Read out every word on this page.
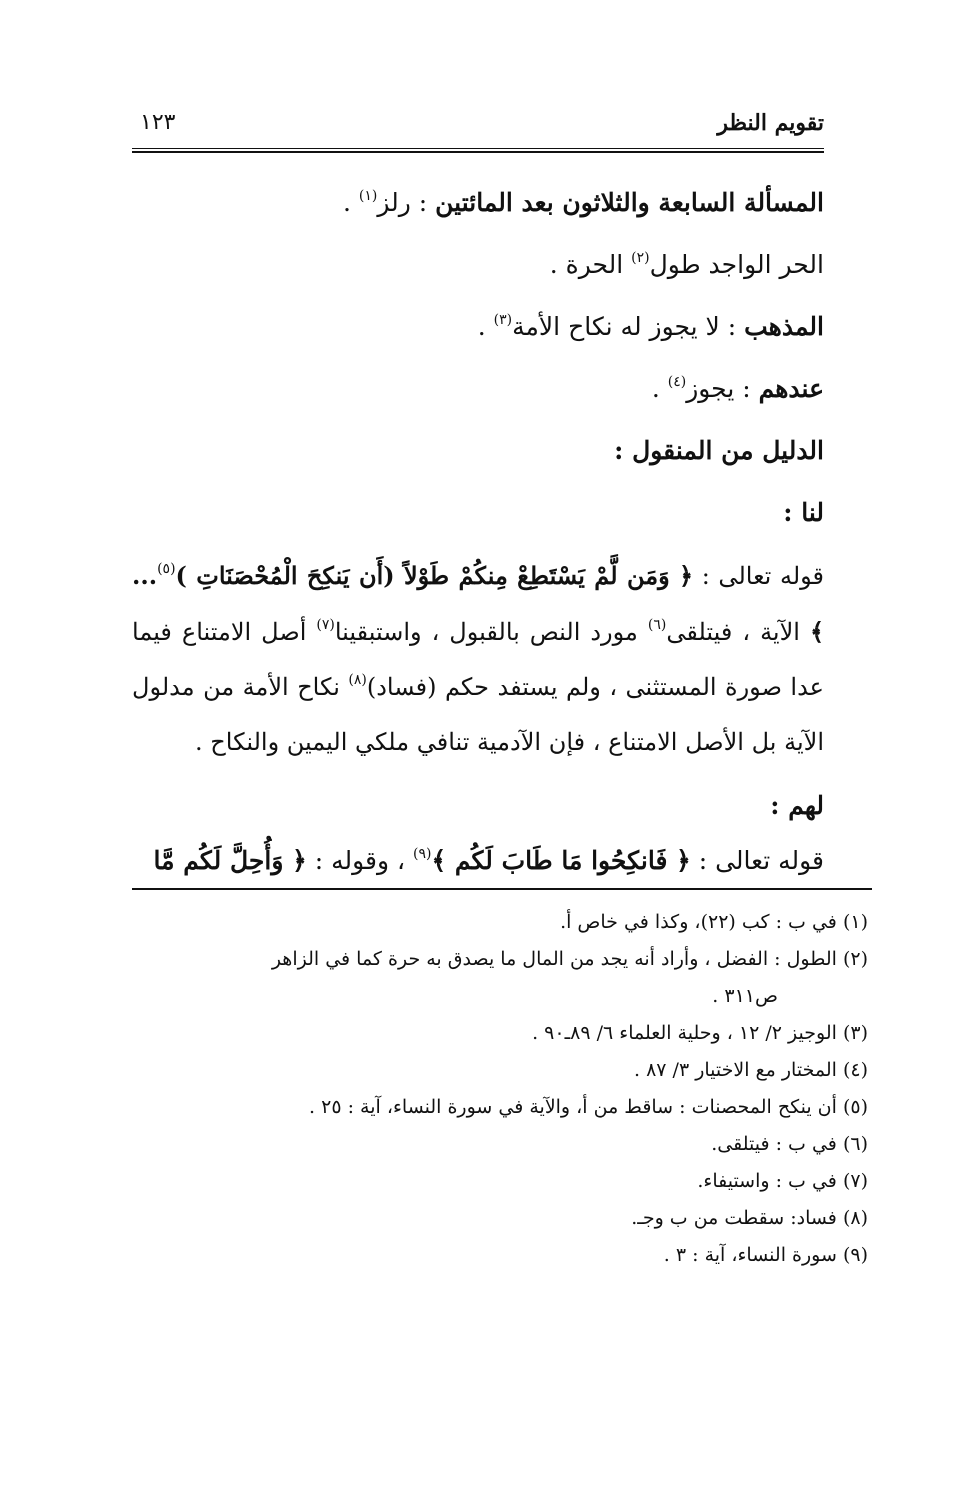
تقويم النظر
١٢٣
المسألة السابعة والثلاثون بعد المائتين : رلز$^{(١)}$ .
الحر الواجد طول$^{(٢)}$ الحرة .
المذهب : لا يجوز له نكاح الأمة$^{(٣)}$ .
عندهم : يجوز$^{(٤)}$ .
الدليل من المنقول :
لنا :
قوله تعالى : ﴿ وَمَن لَّمْ يَسْتَطِعْ مِنكُمْ طَوْلاً (أَن يَنكِحَ الْمُحْصَنَاتِ )$^{(٥)}$... ﴾ الآية ، فيتلقى$^{(٦)}$ مورد النص بالقبول ، واستبقينا$^{(٧)}$ أصل الامتناع فيما عدا صورة المستثنى ، ولم يستفد حكم (فساد)$^{(٨)}$ نكاح الأمة من مدلول الآية بل الأصل الامتناع ، فإن الآدمية تنافي ملكي اليمين والنكاح .
لهم :
قوله تعالى : ﴿ فَانكِحُوا مَا طَابَ لَكُم ﴾$^{(٩)}$ ، وقوله : ﴿ وَأُحِلَّ لَكُم مَّا
(١) في ب : كب (٢٢)، وكذا في خاص أ.
(٢) الطول : الفضل ، وأراد أنه يجد من المال ما يصدق به حرة كما في الزاهر
ص٣١١ .
(٣) الوجيز ٢/ ١٢ ، وحلية العلماء ٦/ ٨٩ـ٩٠ .
(٤) المختار مع الاختيار ٣/ ٨٧ .
(٥) أن ينكح المحصنات : ساقط من أ، والآية في سورة النساء، آية : ٢٥ .
(٦) في ب : فيتلقى.
(٧) في ب : واستيفاء.
(٨) فساد: سقطت من ب وجـ.
(٩) سورة النساء، آية : ٣ .
